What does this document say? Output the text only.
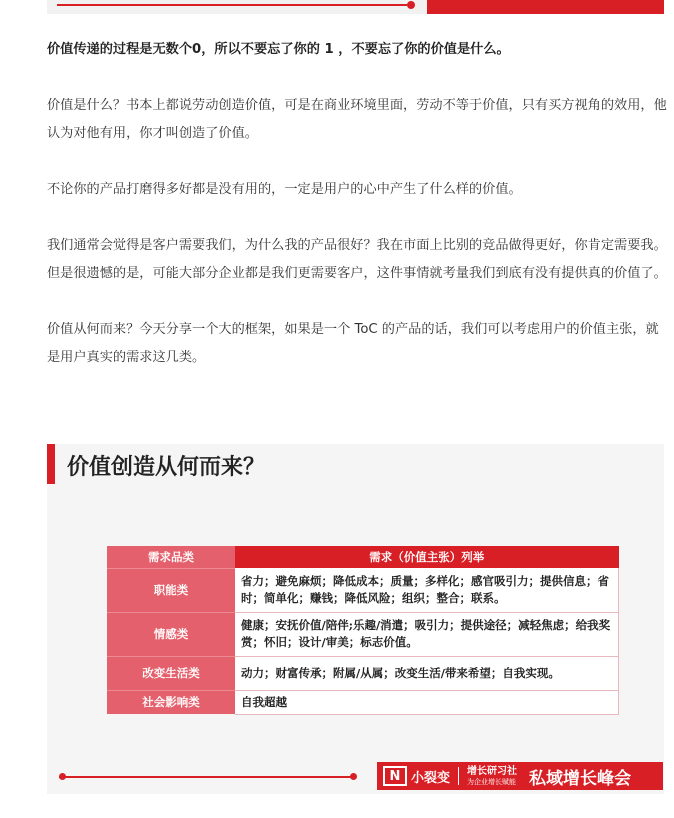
价值传递的过程是无数个0，所以不要忘了你的 1 ，不要忘了你的价值是什么。

价值是什么？书本上都说劳动创造价值，可是在商业环境里面，劳动不等于价值，只有买方视角的效用，他认为对他有用，你才叫创造了价值。

不论你的产品打磨得多好都是没有用的，一定是用户的心中产生了什么样的价值。

我们通常会觉得是客户需要我们，为什么我的产品很好？我在市面上比别的竞品做得更好，你肯定需要我。但是很遗憾的是，可能大部分企业都是我们更需要客户，这件事情就考量我们到底有没有提供真的价值了。

价值从何而来？今天分享一个大的框架，如果是一个 ToC 的产品的话，我们可以考虑用户的价值主张，就是用户真实的需求这几类。

价值创造从何而来？
需求品类	需求（价值主张）列举
职能类	省力；避免麻烦；降低成本；质量；多样化；感官吸引力；提供信息；省时；简单化；赚钱；降低风险；组织；整合；联系。
情感类	健康；安抚价值/陪伴;乐趣/消遣；吸引力；提供途径；减轻焦虑；给我奖赏；怀旧；设计/审美；标志价值。
改变生活类	动力；财富传承；附属/从属；改变生活/带来希望；自我实现。
社会影响类	自我超越
N 小裂变 增长研习社
为企业增长赋能 私域增长峰会
